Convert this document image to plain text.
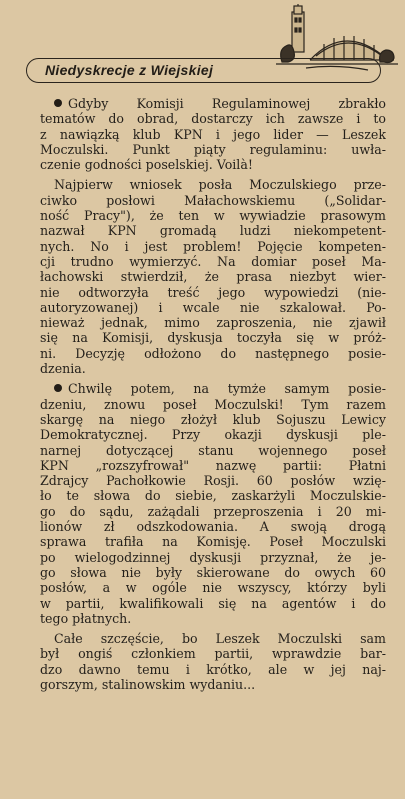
Niedyskrecje z Wiejskiej
Gdyby Komisji Regulaminowej zbrakło
tematów do obrad, dostarczy ich zawsze i to
z nawiązką klub KPN i jego lider — Leszek
Moczulski. Punkt piąty regulaminu: uwła-
czenie godności poselskiej. Voilà!
Najpierw wniosek posła Moczulskiego prze-
ciwko posłowi Małachowskiemu („Solidar-
ność Pracy"), że ten w wywiadzie prasowym
nazwał KPN gromadą ludzi niekompetent-
nych. No i jest problem! Pojęcie kompeten-
cji trudno wymierzyć. Na domiar poseł Ma-
łachowski stwierdził, że prasa niezbyt wier-
nie odtworzyła treść jego wypowiedzi (nie-
autoryzowanej) i wcale nie szkalował. Po-
nieważ jednak, mimo zaproszenia, nie zjawił
się na Komisji, dyskusja toczyła się w próż-
ni. Decyzję odłożono do następnego posie-
dzenia.
Chwilę potem, na tymże samym posie-
dzeniu, znowu poseł Moczulski! Tym razem
skargę na niego złożył klub Sojuszu Lewicy
Demokratycznej. Przy okazji dyskusji ple-
narnej dotyczącej stanu wojennego poseł
KPN „rozszyfrował" nazwę partii: Płatni
Zdrajcy Pachołkowie Rosji. 60 posłów wzię-
ło te słowa do siebie, zaskarżyli Moczulskie-
go do sądu, zażądali przeproszenia i 20 mi-
lionów zł odszkodowania. A swoją drogą
sprawa trafiła na Komisję. Poseł Moczulski
po wielogodzinnej dyskusji przyznał, że je-
go słowa nie były skierowane do owych 60
posłów, a w ogóle nie wszyscy, którzy byli
w partii, kwalifikowali się na agentów i do
tego płatnych.
Całe szczęście, bo Leszek Moczulski sam
był ongiś członkiem partii, wprawdzie bar-
dzo dawno temu i krótko, ale w jej naj-
gorszym, stalinowskim wydaniu...
